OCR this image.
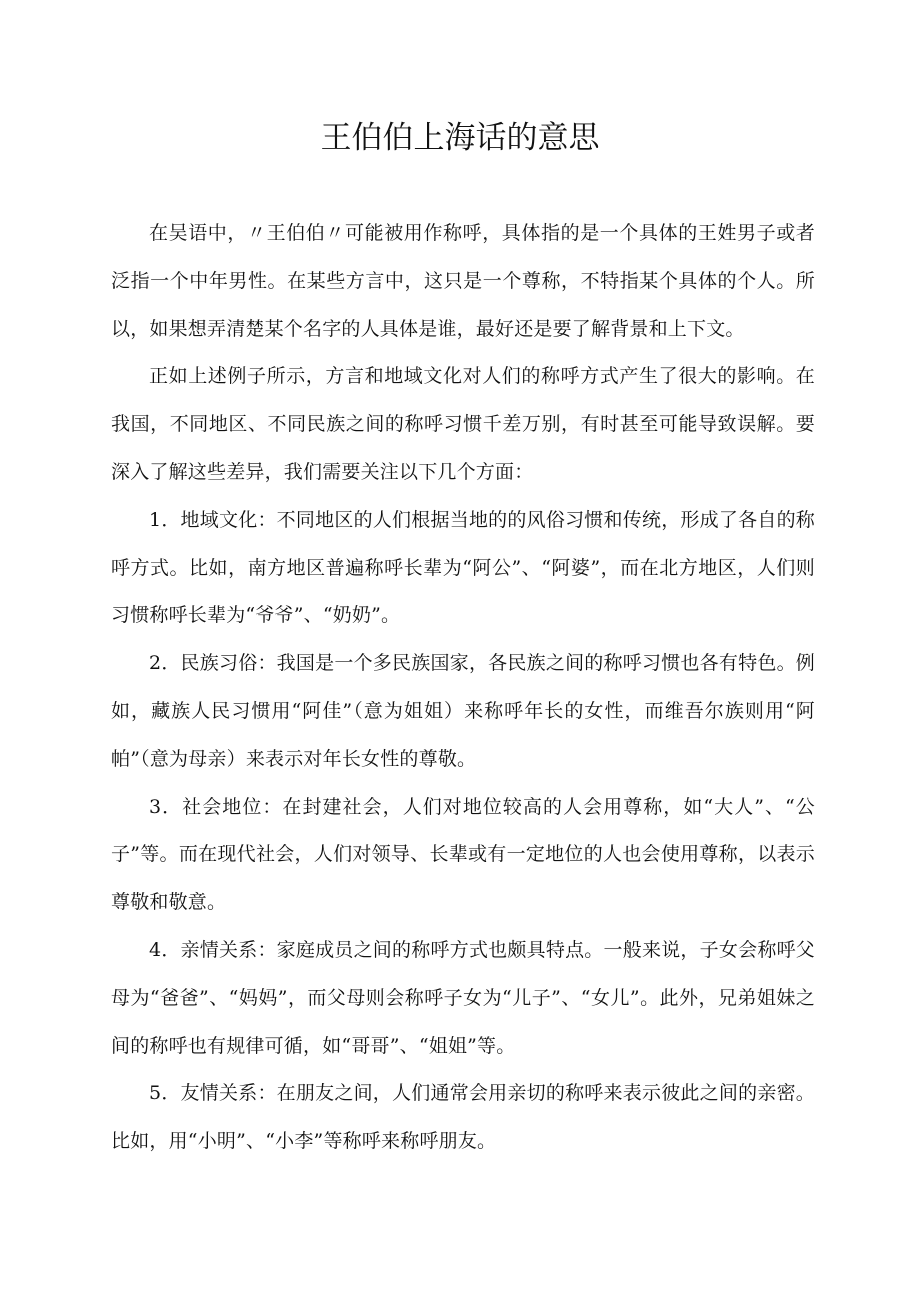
王伯伯上海话的意思

在吴语中，〃王伯伯〃可能被用作称呼，具体指的是一个具体的王姓男子或者泛指一个中年男性。在某些方言中，这只是一个尊称，不特指某个具体的个人。所以，如果想弄清楚某个名字的人具体是谁，最好还是要了解背景和上下文。

正如上述例子所示，方言和地域文化对人们的称呼方式产生了很大的影响。在我国，不同地区、不同民族之间的称呼习惯千差万别，有时甚至可能导致误解。要深入了解这些差异，我们需要关注以下几个方面：

1．地域文化：不同地区的人们根据当地的的风俗习惯和传统，形成了各自的称呼方式。比如，南方地区普遍称呼长辈为“阿公”、“阿婆”，而在北方地区，人们则习惯称呼长辈为“爷爷”、“奶奶”。

2．民族习俗：我国是一个多民族国家，各民族之间的称呼习惯也各有特色。例如，藏族人民习惯用“阿佳”（意为姐姐）来称呼年长的女性，而维吾尔族则用“阿帕”（意为母亲）来表示对年长女性的尊敬。

3．社会地位：在封建社会，人们对地位较高的人会用尊称，如“大人”、“公子”等。而在现代社会，人们对领导、长辈或有一定地位的人也会使用尊称，以表示尊敬和敬意。

4．亲情关系：家庭成员之间的称呼方式也颇具特点。一般来说，子女会称呼父母为“爸爸”、“妈妈”，而父母则会称呼子女为“儿子”、“女儿”。此外，兄弟姐妹之间的称呼也有规律可循，如“哥哥”、“姐姐”等。

5．友情关系：在朋友之间，人们通常会用亲切的称呼来表示彼此之间的亲密。比如，用“小明”、“小李”等称呼来称呼朋友。
